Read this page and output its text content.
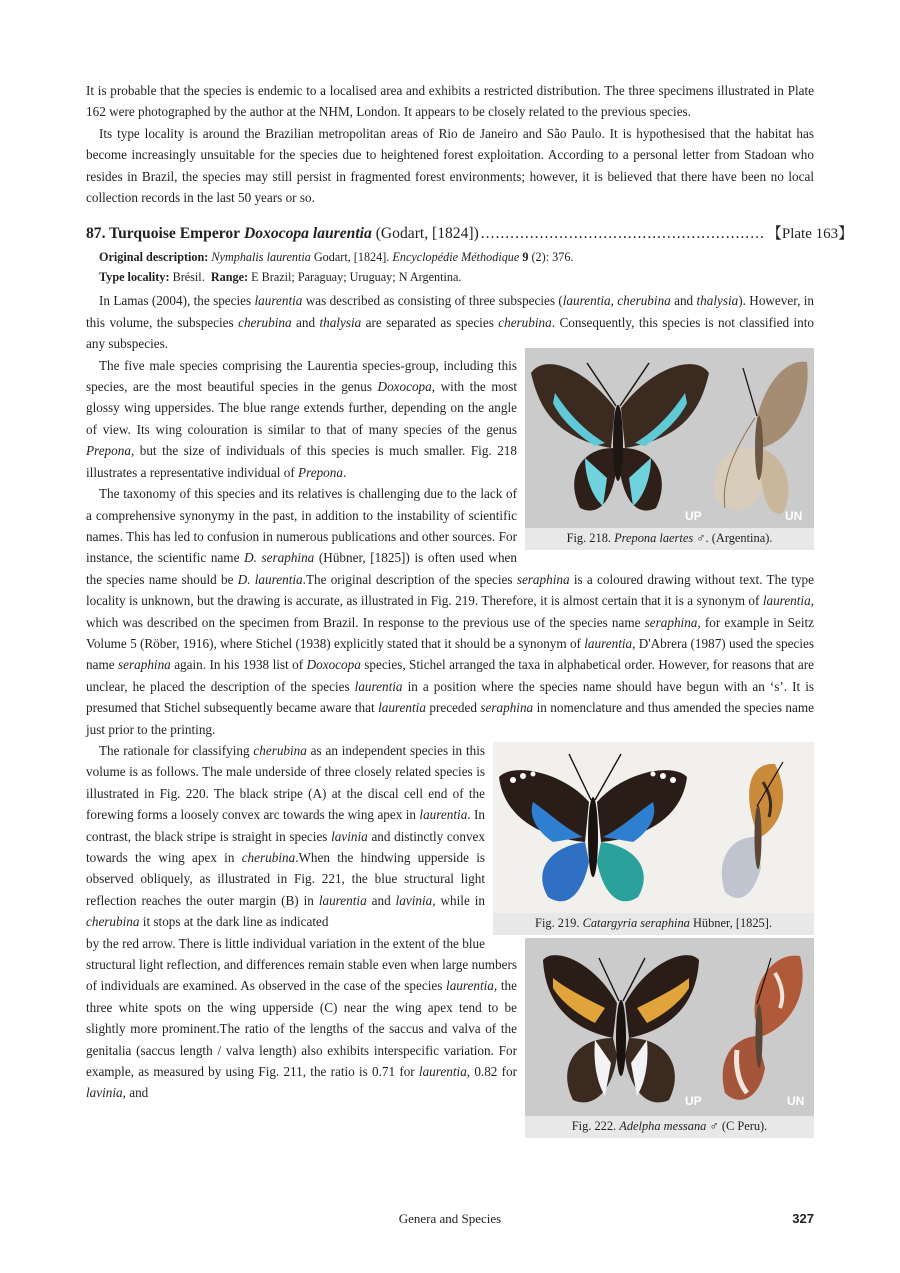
It is probable that the species is endemic to a localised area and exhibits a restricted distribution. The three specimens illustrated in Plate 162 were photographed by the author at the NHM, London. It appears to be closely related to the previous species.

Its type locality is around the Brazilian metropolitan areas of Rio de Janeiro and São Paulo. It is hypothesised that the habitat has become increasingly unsuitable for the species due to heightened forest exploitation. According to a personal letter from Stadoan who resides in Brazil, the species may still persist in fragmented forest environments; however, it is believed that there have been no local collection records in the last 50 years or so.

87. Turquoise Emperor
Doxocopa laurentia
(Godart, [1824]) .......................................................... 【Plate 163】
Original description: Nymphalis laurentia Godart, [1824]. Encyclopédie Méthodique 9 (2): 376.
Type locality: Brésil. Range: E Brazil; Paraguay; Uruguay; N Argentina.

In Lamas (2004), the species laurentia was described as consisting of three subspecies (laurentia, cherubina and thalysia). However, in this volume, the subspecies cherubina and thalysia are separated as species cherubina. Consequently, this species is not classified into any subspecies.

UP	UN
Fig. 218. Prepona laertes ♂. (Argentina).

The five male species comprising the Laurentia species-group, including this species, are the most beautiful species in the genus Doxocopa, with the most glossy wing uppersides. The blue range extends further, depending on the angle of view. Its wing colouration is similar to that of many species of the genus Prepona, but the size of individuals of this species is much smaller. Fig. 218 illustrates a representative individual of Prepona.

The taxonomy of this species and its relatives is challenging due to the lack of a comprehensive synonymy in the past, in addition to the instability of scientific names. This has led to confusion in numerous publications and other sources. For instance, the scientific name D. seraphina (Hübner, [1825]) is often used when the species name should be D. laurentia.The original description of the species seraphina is a coloured drawing without text. The type locality is unknown, but the drawing is accurate, as illustrated in Fig. 219. Therefore, it is almost certain that it is a synonym of laurentia, which was described on the specimen from Brazil. In response to the previous use of the species name seraphina, for example in Seitz Volume 5 (Röber, 1916), where Stichel (1938) explicitly stated that it should be a synonym of laurentia, D'Abrera (1987) used the species name seraphina again. In his 1938 list of Doxocopa species, Stichel arranged the taxa in alphabetical order. However, for reasons that are unclear, he placed the description of the species laurentia in a position where the species name should have begun with an ‘s’. It is presumed that Stichel subsequently became aware that laurentia preceded seraphina in nomenclature and thus amended the species name just prior to the printing.

Fig. 219. Catargyria seraphina Hübner, [1825].

The rationale for classifying cherubina as an independent species in this volume is as follows. The male underside of three closely related species is illustrated in Fig. 220. The black stripe (A) at the discal cell end of the forewing forms a loosely convex arc towards the wing apex in laurentia. In contrast, the black stripe is straight in species lavinia and distinctly convex towards the wing apex in cherubina.When the hindwing upperside is observed obliquely, as illustrated in Fig. 221, the blue structural light reflection reaches the outer margin (B) in laurentia and lavinia, while in cherubina it stops at the dark line as indicated

UP	UN
Fig. 222. Adelpha messana ♂ (C Peru).

by the red arrow. There is little individual variation in the extent of the blue structural light reflection, and differences remain stable even when large numbers of individuals are examined. As observed in the case of the species laurentia, the three white spots on the wing upperside (C) near the wing apex tend to be slightly more prominent.The ratio of the lengths of the saccus and valva of the genitalia (saccus length / valva length) also exhibits interspecific variation. For example, as measured by using Fig. 211, the ratio is 0.71 for laurentia, 0.82 for lavinia, and

Genera and Species	327
